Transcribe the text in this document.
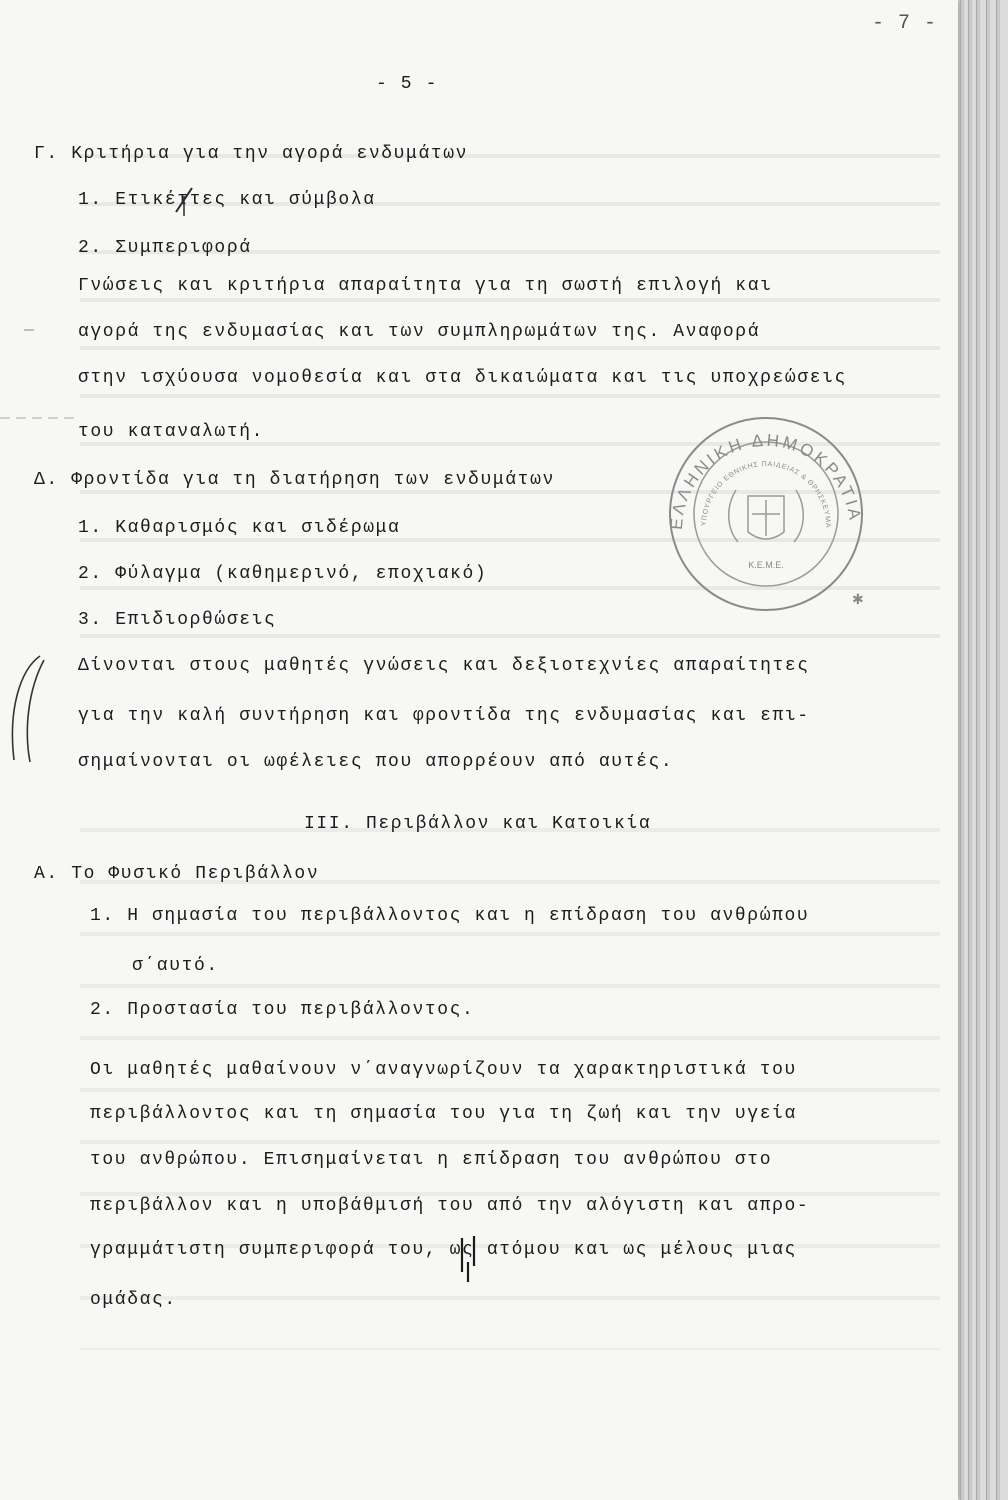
- 7 -
- 5 -
Γ. Κριτήρια για την αγορά ενδυμάτων
1. Ετικέττες και σύμβολα
2. Συμπεριφορά
Γνώσεις και κριτήρια απαραίτητα για τη σωστή επιλογή και
αγορά της ενδυμασίας και των συμπληρωμάτων της. Αναφορά
στην ισχύουσα νομοθεσία και στα δικαιώματα και τις υποχρεώσεις
του καταναλωτή.
Δ. Φροντίδα για τη διατήρηση των ενδυμάτων
1. Καθαρισμός και σιδέρωμα
2. Φύλαγμα (καθημερινό, εποχιακό)
3. Επιδιορθώσεις
Δίνονται στους μαθητές γνώσεις και δεξιοτεχνίες απαραίτητες
για την καλή συντήρηση και φροντίδα της ενδυμασίας και επι-
σημαίνονται οι ωφέλειες που απορρέουν από αυτές.
III. Περιβάλλον και Κατοικία
Α. Το Φυσικό Περιβάλλον
1. Η σημασία του περιβάλλοντος και η επίδραση του ανθρώπου
σ΄αυτό.
2. Προστασία του περιβάλλοντος.
Οι μαθητές μαθαίνουν ν΄αναγνωρίζουν τα χαρακτηριστικά του
περιβάλλοντος και τη σημασία του για τη ζωή και την υγεία
του ανθρώπου. Επισημαίνεται η επίδραση του ανθρώπου στο
περιβάλλον και η υποβάθμισή του από την αλόγιστη και απρο-
γραμμάτιστη συμπεριφορά του, ως ατόμου και ως μέλους μιας
ομάδας.
ΕΛΛΗΝΙΚΗ ΔΗΜΟΚΡΑΤΙΑ
ΥΠΟΥΡΓΕΙΟ ΕΘΝΙΚΗΣ ΠΑΙΔΕΙΑΣ & ΘΡΗΣΚΕΥΜΑ
Κ.Ε.Μ.Ε.
✱
